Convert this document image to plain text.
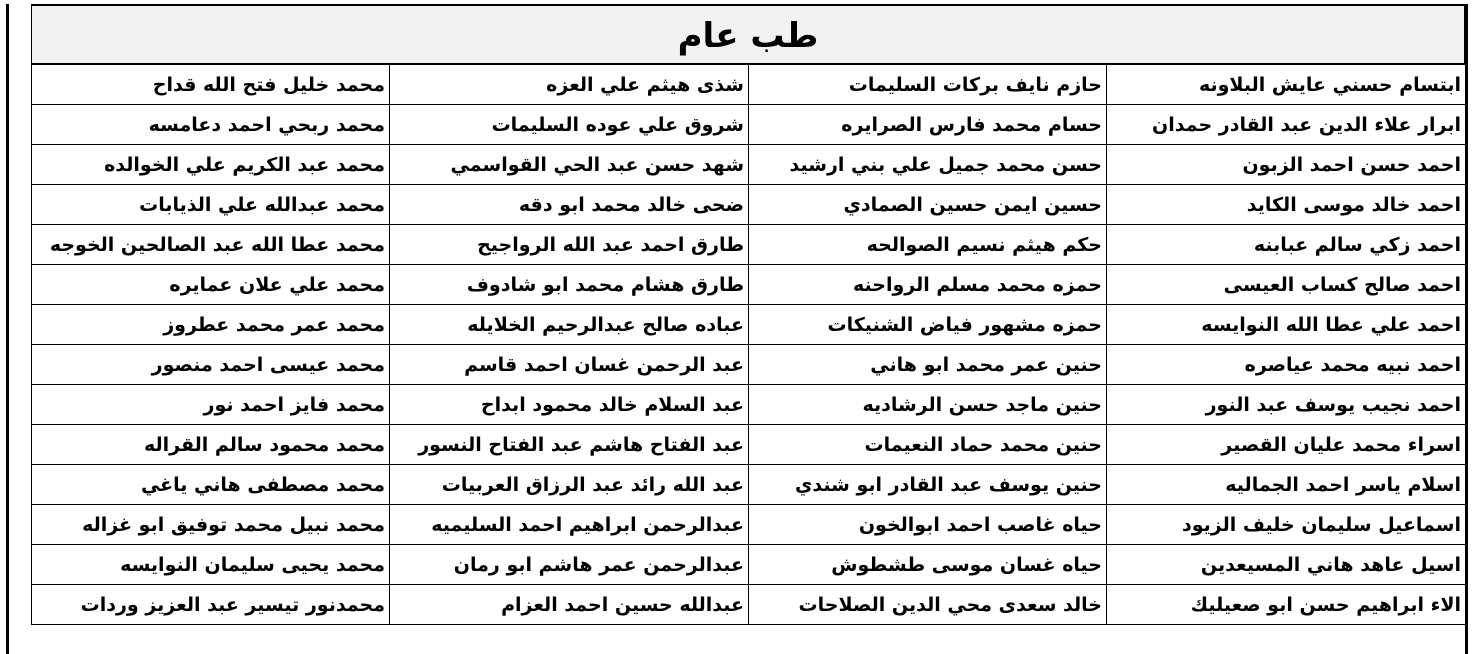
طب عام
محمد خليل فتح الله قداح	شذى هيثم علي العزه	حازم نايف بركات السليمات	ابتسام حسني عايش البلاونه
محمد ربحي احمد دعامسه	شروق علي عوده السليمات	حسام محمد فارس الصرايره	ابرار علاء الدين عبد القادر حمدان
محمد عبد الكريم علي الخوالده	شهد حسن عبد الحي القواسمي	حسن محمد جميل علي بني ارشيد	احمد حسن احمد الزبون
محمد عبدالله علي الذيابات	ضحى خالد محمد ابو دقه	حسين ايمن حسين الصمادي	احمد خالد موسى الكايد
محمد عطا الله عبد الصالحين الخوجه	طارق احمد عبد الله الرواجيح	حكم هيثم نسيم الصوالحه	احمد زكي سالم عبابنه
محمد علي علان عمايره	طارق هشام محمد ابو شادوف	حمزه محمد مسلم الرواحنه	احمد صالح كساب العيسى
محمد عمر محمد عطروز	عباده صالح عبدالرحيم الخلايله	حمزه مشهور فياض الشنيكات	احمد علي عطا الله النوايسه
محمد عيسى احمد منصور	عبد الرحمن غسان احمد قاسم	حنين عمر محمد ابو هاني	احمد نبيه محمد عياصره
محمد فايز احمد نور	عبد السلام خالد محمود ابداح	حنين ماجد حسن الرشاديه	احمد نجيب يوسف عبد النور
محمد محمود سالم القراله	عبد الفتاح هاشم عبد الفتاح النسور	حنين محمد حماد النعيمات	اسراء محمد عليان القصير
محمد مصطفى هاني ياغي	عبد الله رائد عبد الرزاق العربيات	حنين يوسف عبد القادر ابو شندي	اسلام ياسر احمد الجماليه
محمد نبيل محمد توفيق ابو غزاله	عبدالرحمن ابراهيم احمد السليميه	حياه غاصب احمد ابوالخون	اسماعيل سليمان خليف الزيود
محمد يحيى سليمان النوايسه	عبدالرحمن عمر هاشم ابو رمان	حياه غسان موسى طشطوش	اسيل عاهد هاني المسيعدين
محمدنور تيسير عبد العزيز وردات	عبدالله حسين احمد العزام	خالد سعدى محي الدين الصلاحات	الاء ابراهيم حسن ابو صعيليك
